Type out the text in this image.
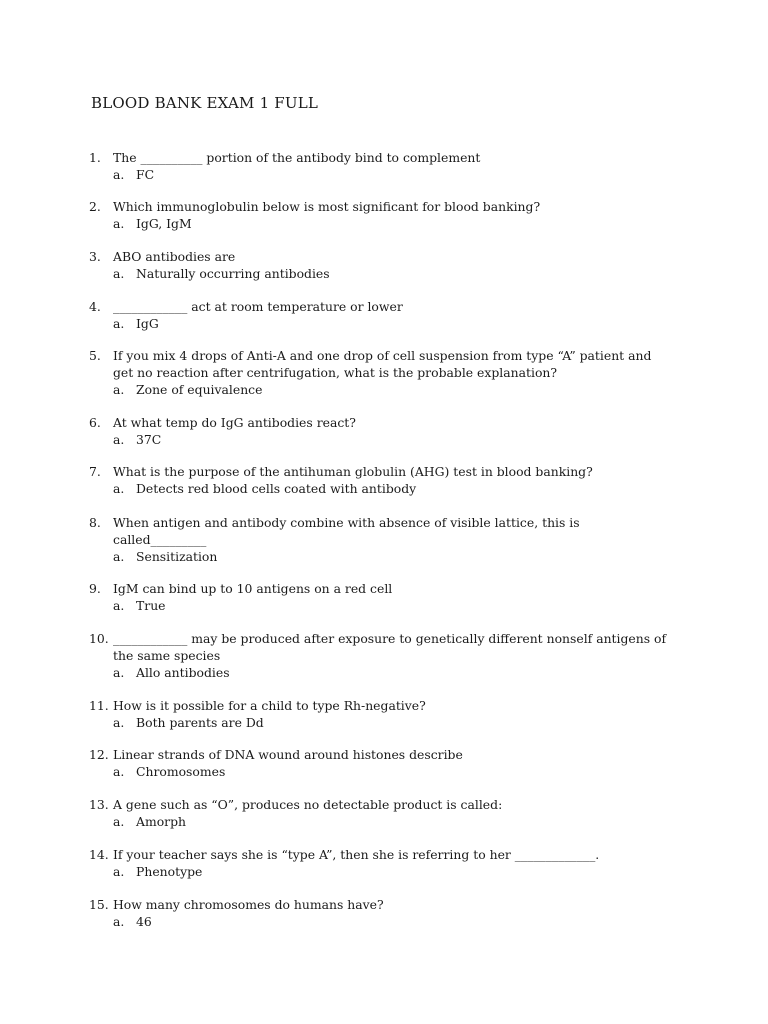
BLOOD BANK EXAM 1 FULL
1. The __________ portion of the antibody bind to complement
a. FC
2. Which immunoglobulin below is most significant for blood banking?
a. IgG, IgM
3. ABO antibodies are
a. Naturally occurring antibodies
4. ____________ act at room temperature or lower
a. IgG
5. If you mix 4 drops of Anti-A and one drop of cell suspension from type “A” patient and
get no reaction after centrifugation, what is the probable explanation?
a. Zone of equivalence
6. At what temp do IgG antibodies react?
a. 37C
7. What is the purpose of the antihuman globulin (AHG) test in blood banking?
a. Detects red blood cells coated with antibody
8. When antigen and antibody combine with absence of visible lattice, this is
called_________
a. Sensitization
9. IgM can bind up to 10 antigens on a red cell
a. True
10. ____________ may be produced after exposure to genetically different nonself antigens of
the same species
a. Allo antibodies
11. How is it possible for a child to type Rh-negative?
a. Both parents are Dd
12. Linear strands of DNA wound around histones describe
a. Chromosomes
13. A gene such as “O”, produces no detectable product is called:
a. Amorph
14. If your teacher says she is “type A”, then she is referring to her _____________.
a. Phenotype
15. How many chromosomes do humans have?
a. 46
